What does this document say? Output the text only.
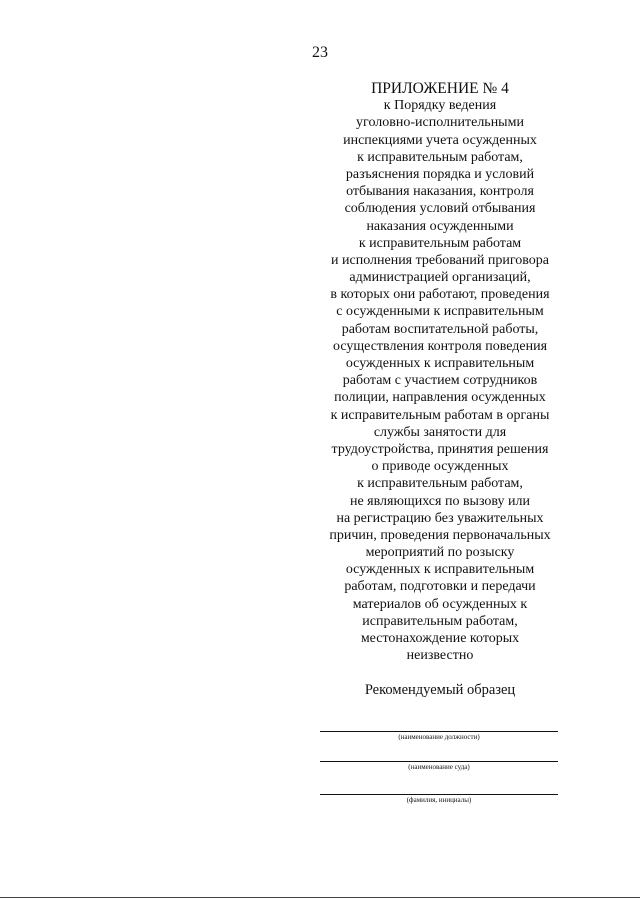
23
ПРИЛОЖЕНИЕ № 4
к Порядку ведения
уголовно-исполнительными
инспекциями учета осужденных
к исправительным работам,
разъяснения порядка и условий
отбывания наказания, контроля
соблюдения условий отбывания
наказания осужденными
к исправительным работам
и исполнения требований приговора
администрацией организаций,
в которых они работают, проведения
с осужденными к исправительным
работам воспитательной работы,
осуществления контроля поведения
осужденных к исправительным
работам с участием сотрудников
полиции, направления осужденных
к исправительным работам в органы
службы занятости для
трудоустройства, принятия решения
о приводе осужденных
к исправительным работам,
не являющихся по вызову или
на регистрацию без уважительных
причин, проведения первоначальных
мероприятий по розыску
осужденных к исправительным
работам, подготовки и передачи
материалов об осужденных к
исправительным работам,
местонахождение которых
неизвестно
Рекомендуемый образец
(наименование должности)
(наименование суда)
(фамилия, инициалы)
